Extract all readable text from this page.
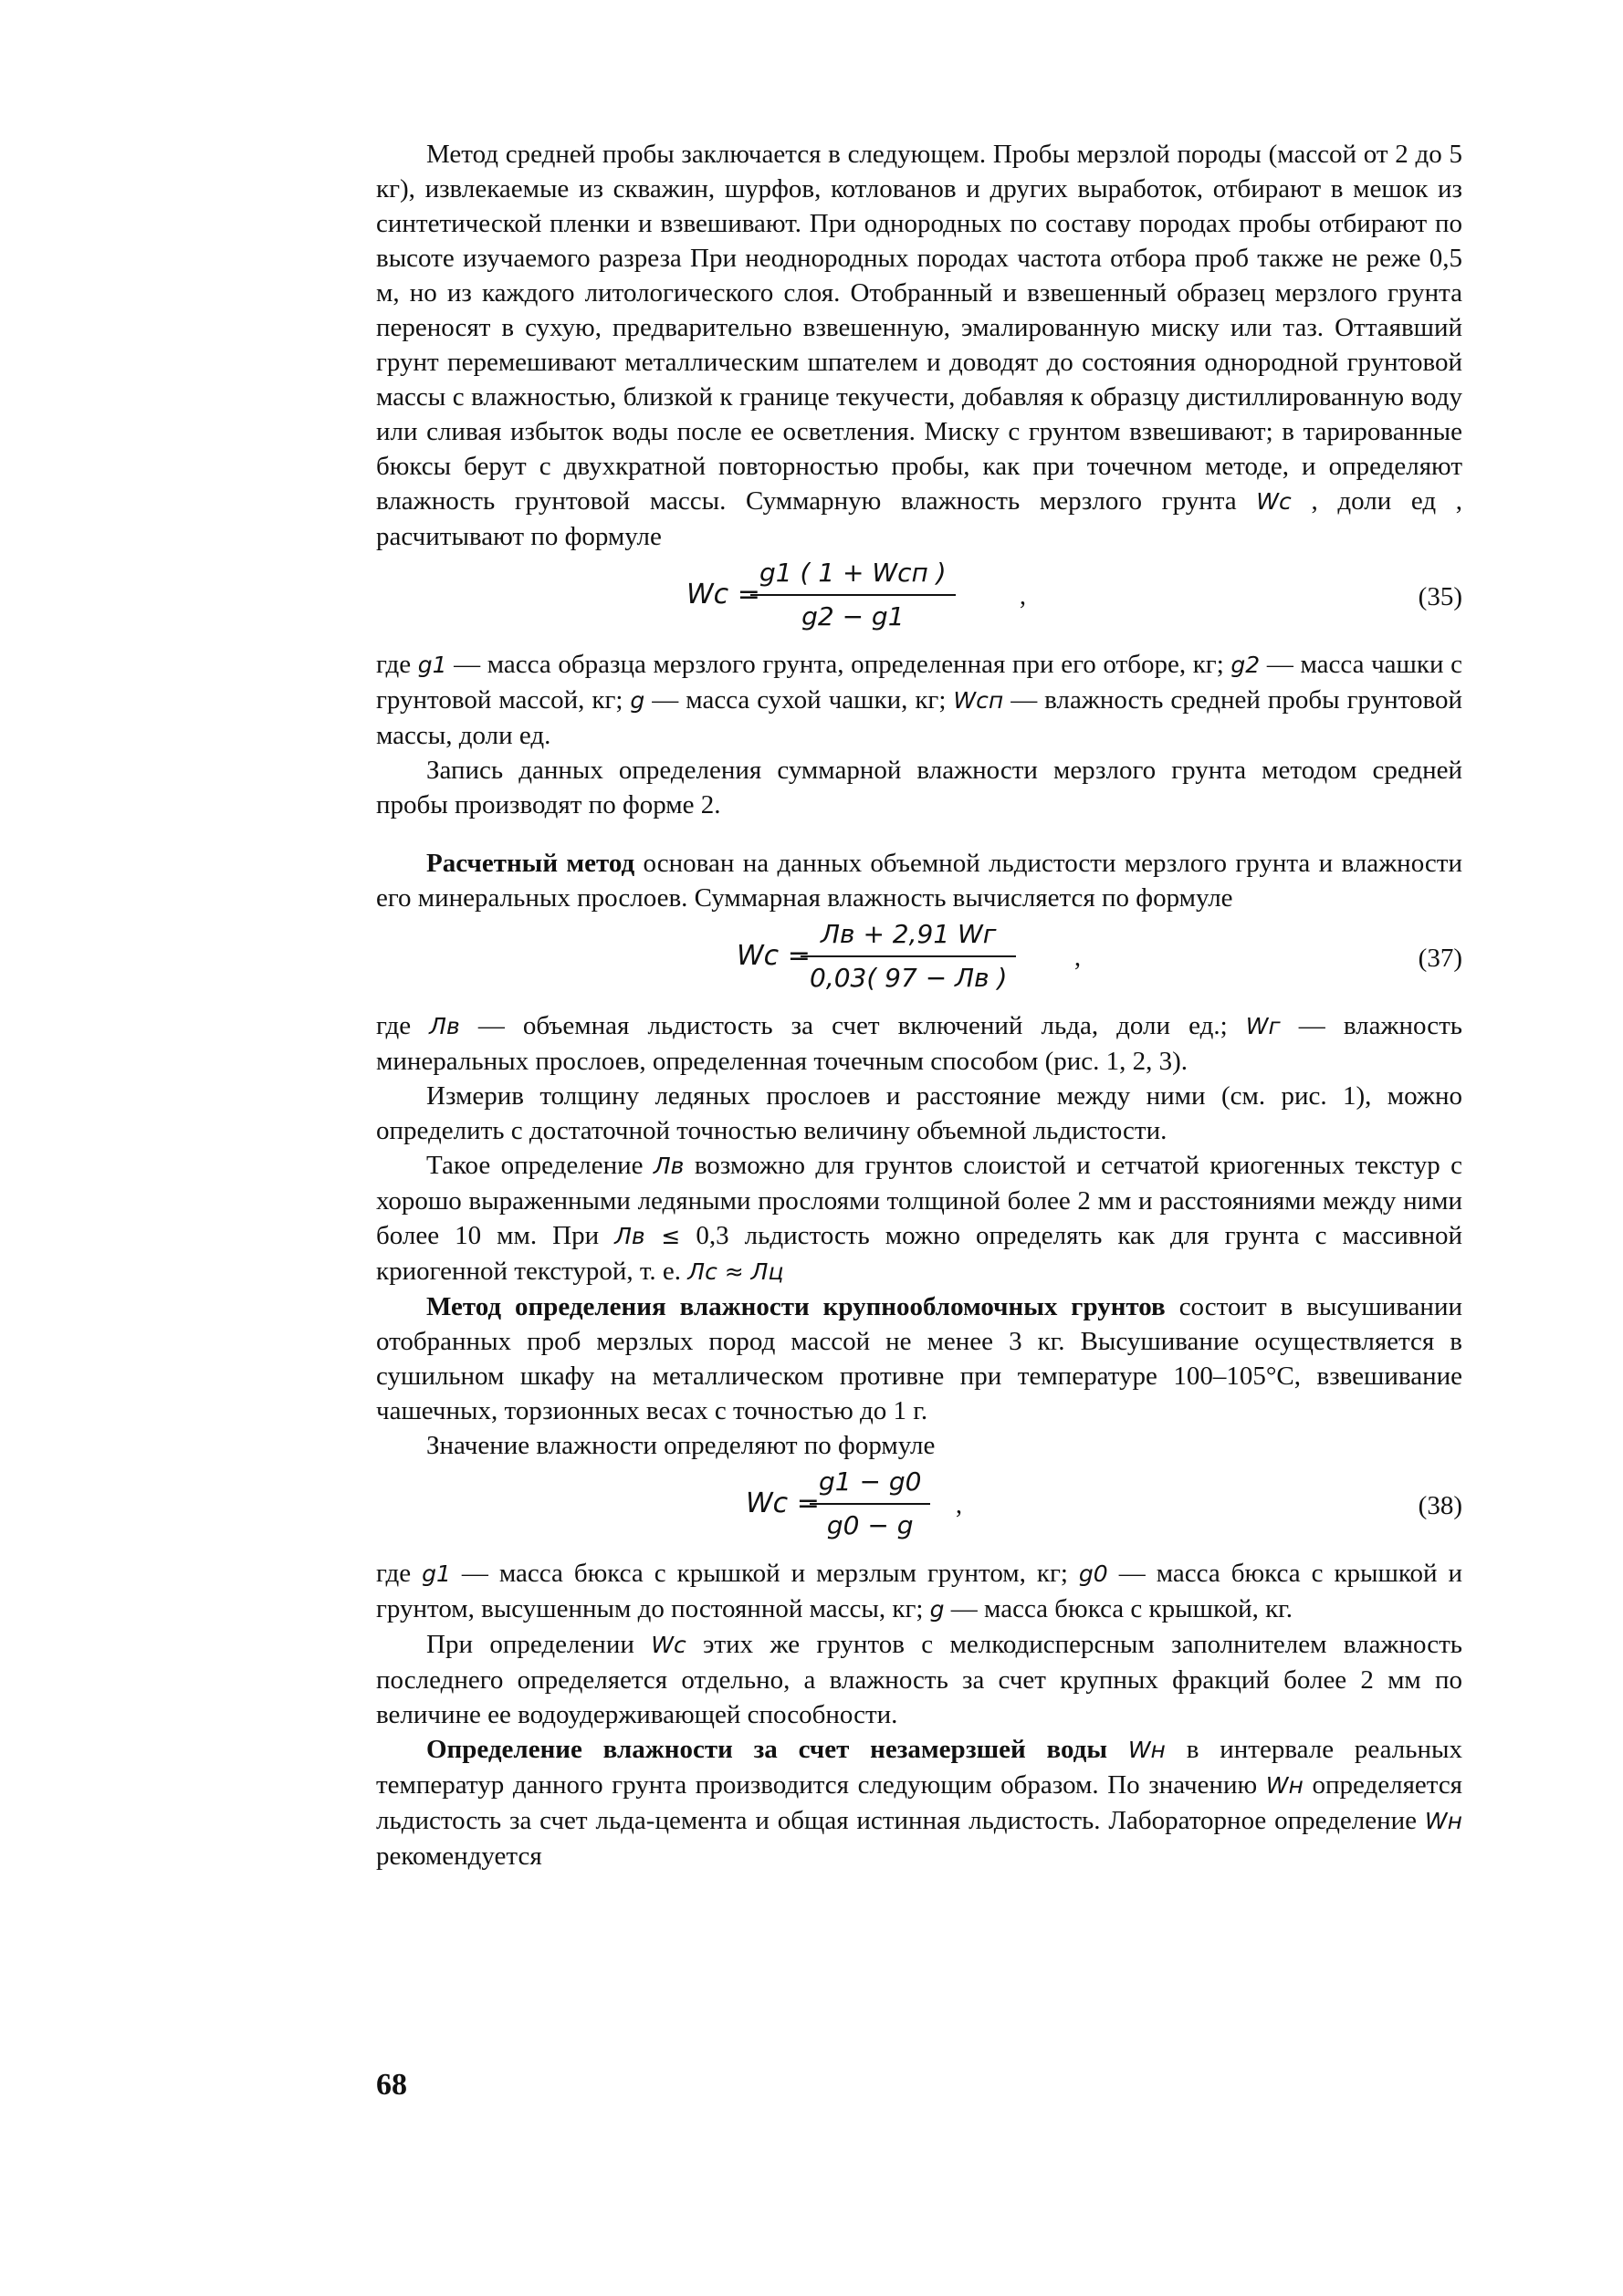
Метод средней пробы заключается в следующем. Пробы мерзлой породы (массой от 2 до 5 кг), извлекаемые из скважин, шурфов, котлованов и других выработок, отбирают в мешок из синтетической пленки и взвешивают. При однородных по составу породах пробы отбирают по высоте изучаемого разреза При неоднородных породах частота отбора проб также не реже 0,5 м, но из каждого литологического слоя. Отобранный и взвешенный образец мерзлого грунта переносят в сухую, предварительно взвешенную, эмалированную миску или таз. Оттаявший грунт перемешивают металлическим шпателем и доводят до состояния однородной грунтовой массы с влажностью, близкой к границе текучести, добавляя к образцу дистиллированную воду или сливая избыток воды после ее осветления. Миску с грунтом взвешивают; в тарированные бюксы берут с двухкратной повторностью пробы, как при точечном методе, и определяют влажность грунтовой массы. Суммарную влажность мерзлого грунта Wc , доли ед , расчитывают по формуле

Wc =
g1 ( 1 + Wсп )
g2 − g1
,	(35)

где g1 — масса образца мерзлого грунта, определенная при его отборе, кг; g2 — масса чашки с грунтовой массой, кг; g — масса сухой чашки, кг; Wсп — влажность средней пробы грунтовой массы, доли ед.

Запись данных определения суммарной влажности мерзлого грунта методом средней пробы производят по форме 2.

Расчетный метод основан на данных объемной льдистости мерзлого грунта и влажности его минеральных прослоев. Суммарная влажность вычисляется по формуле

Wc =
Лв + 2,91 Wг
0,03( 97 − Лв )
,	(37)

где Лв — объемная льдистость за счет включений льда, доли ед.; Wг — влажность минеральных прослоев, определенная точечным способом (рис. 1, 2, 3).

Измерив толщину ледяных прослоев и расстояние между ними (см. рис. 1), можно определить с достаточной точностью величину объемной льдистости.

Такое определение Лв возможно для грунтов слоистой и сетчатой криогенных текстур с хорошо выраженными ледяными прослоями толщиной более 2 мм и расстояниями между ними более 10 мм. При Лв ≤ 0,3 льдистость можно определять как для грунта с массивной криогенной текстурой, т. е. Лс ≈ Лц

Метод определения влажности крупнообломочных грунтов состоит в высушивании отобранных проб мерзлых пород массой не менее 3 кг. Высушивание осуществляется в сушильном шкафу на металлическом противне при температуре 100–105°С, взвешивание чашечных, торзионных весах с точностью до 1 г.

Значение влажности определяют по формуле

Wc =
$\frac{g1 - g0}{g0 - g}$ ,	(38)

где g1 — масса бюкса с крышкой и мерзлым грунтом, кг; g0 — масса бюкса с крышкой и грунтом, высушенным до постоянной массы, кг; g — масса бюкса с крышкой, кг.

При определении Wc этих же грунтов с мелкодисперсным заполнителем влажность последнего определяется отдельно, а влажность за счет крупных фракций более 2 мм по величине ее водоудерживающей способности.

Определение влажности за счет незамерзшей воды Wн в интервале реальных температур данного грунта производится следующим образом. По значению Wн определяется льдистость за счет льда-цемента и общая истинная льдистость. Лабораторное определение Wн рекомендуется

68
